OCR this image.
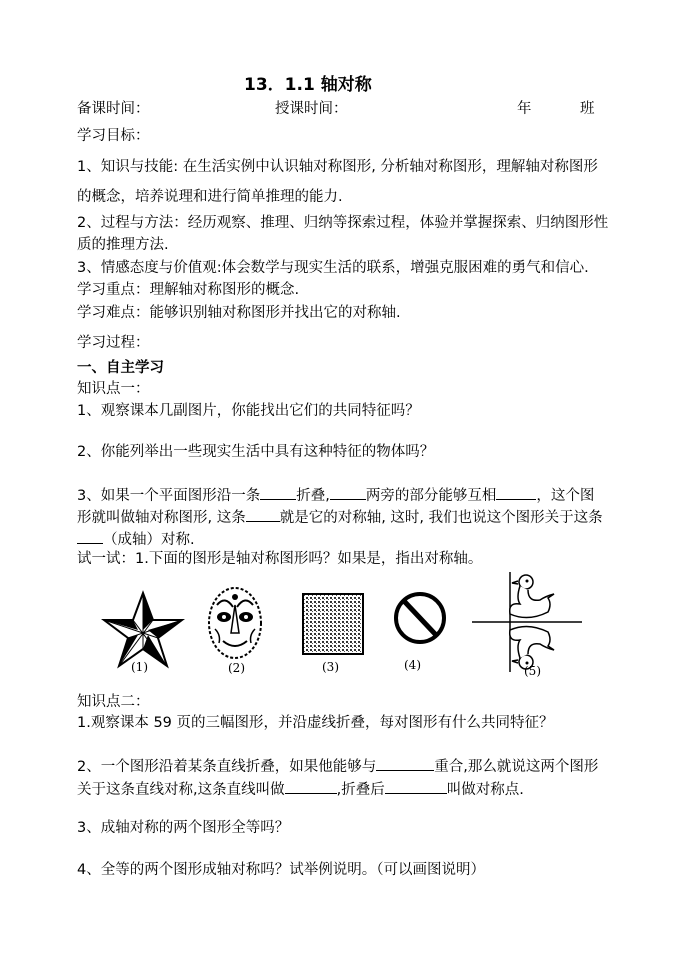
13．1.1 轴对称
备课时间：	授课时间：	年	班
学习目标：
1、知识与技能: 在生活实例中认识轴对称图形, 分析轴对称图形，理解轴对称图形
的概念，培养说理和进行简单推理的能力.
2、过程与方法：经历观察、推理、归纳等探索过程，体验并掌握探索、归纳图形性
质的推理方法.
3、情感态度与价值观:体会数学与现实生活的联系，增强克服困难的勇气和信心.
学习重点：理解轴对称图形的概念.
学习难点：能够识别轴对称图形并找出它的对称轴.
学习过程：
一、自主学习
知识点一：
1、观察课本几副图片，你能找出它们的共同特征吗？
2、你能列举出一些现实生活中具有这种特征的物体吗？
3、如果一个平面图形沿一条 折叠, 两旁的部分能够互相	，这个图
形就叫做轴对称图形, 这条 就是它的对称轴, 这时, 我们也说这个图形关于这条
（成轴）对称.
试一试：1.下面的图形是轴对称图形吗？如果是，指出对称轴。
(1)	(2)	(3)	(4)	(5)
知识点二：
1.观察课本 59 页的三幅图形，并沿虚线折叠，每对图形有什么共同特征？
2、一个图形沿着某条直线折叠，如果他能够与	重合,那么就说这两个图形
关于这条直线对称,这条直线叫做	,折叠后	叫做对称点.
3、成轴对称的两个图形全等吗？
4、全等的两个图形成轴对称吗？试举例说明。（可以画图说明）
